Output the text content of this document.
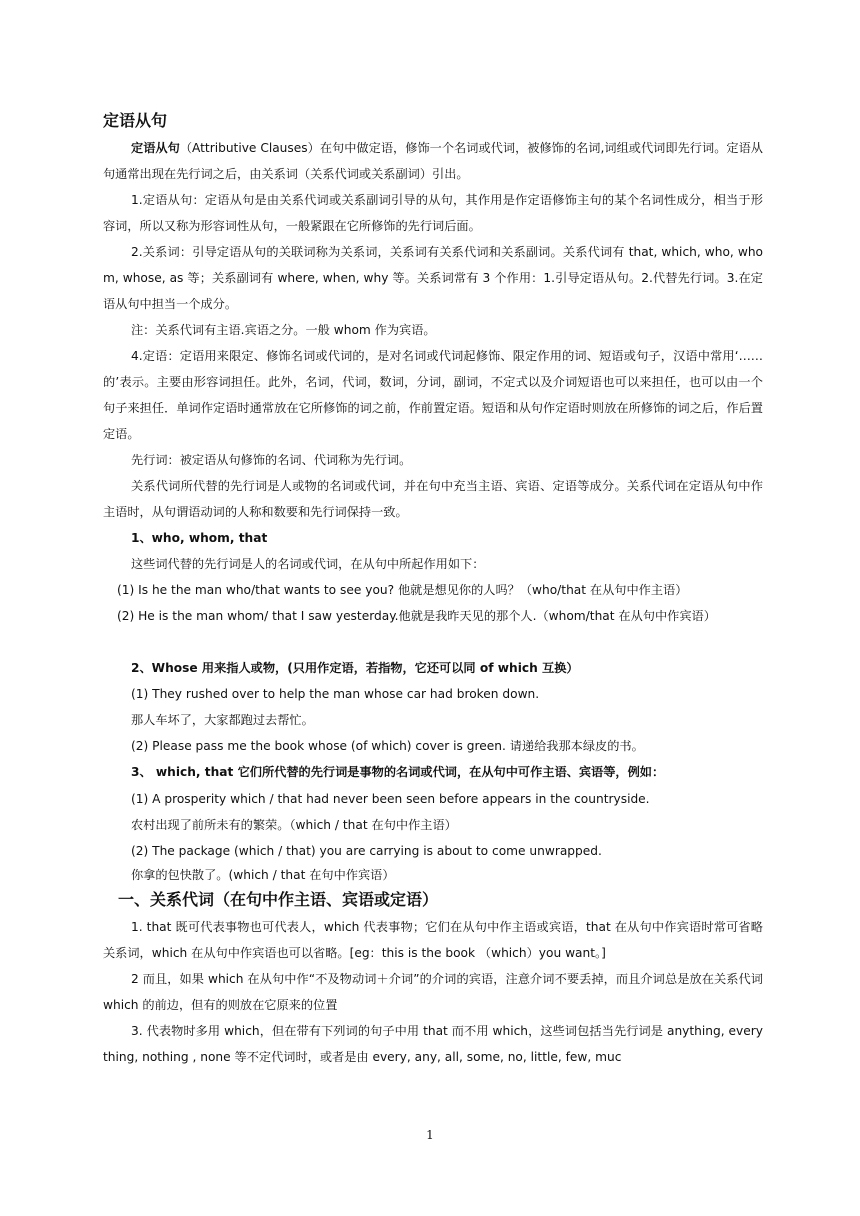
定语从句
定语从句（Attributive Clauses）在句中做定语，修饰一个名词或代词，被修饰的名词,词组或代词即先行词。定语从句通常出现在先行词之后，由关系词（关系代词或关系副词）引出。
1.定语从句：定语从句是由关系代词或关系副词引导的从句，其作用是作定语修饰主句的某个名词性成分，相当于形容词，所以又称为形容词性从句，一般紧跟在它所修饰的先行词后面。
2.关系词：引导定语从句的关联词称为关系词，关系词有关系代词和关系副词。关系代词有 that, which, who, whom, whose, as 等；关系副词有 where, when, why 等。关系词常有 3 个作用：1.引导定语从句。2.代替先行词。3.在定语从句中担当一个成分。
注：关系代词有主语.宾语之分。一般 whom 作为宾语。
4.定语：定语用来限定、修饰名词或代词的，是对名词或代词起修饰、限定作用的词、短语或句子，汉语中常用‘……的’表示。主要由形容词担任。此外，名词，代词，数词，分词，副词，不定式以及介词短语也可以来担任，也可以由一个句子来担任．单词作定语时通常放在它所修饰的词之前，作前置定语。短语和从句作定语时则放在所修饰的词之后，作后置定语。
先行词：被定语从句修饰的名词、代词称为先行词。
关系代词所代替的先行词是人或物的名词或代词，并在句中充当主语、宾语、定语等成分。关系代词在定语从句中作主语时，从句谓语动词的人称和数要和先行词保持一致。
1、who, whom, that
这些词代替的先行词是人的名词或代词，在从句中所起作用如下：
(1) Is he the man who/that wants to see you? 他就是想见你的人吗？（who/that 在从句中作主语）
(2) He is the man whom/ that I saw yesterday.他就是我昨天见的那个人.（whom/that 在从句中作宾语）
2、Whose 用来指人或物，(只用作定语，若指物，它还可以同 of which 互换）
(1) They rushed over to help the man whose car had broken down.
那人车坏了，大家都跑过去帮忙。
(2) Please pass me the book whose (of which) cover is green. 请递给我那本绿皮的书。
3、 which, that 它们所代替的先行词是事物的名词或代词，在从句中可作主语、宾语等，例如：
(1) A prosperity which / that had never been seen before appears in the countryside.
农村出现了前所未有的繁荣。（which / that 在句中作主语）
(2) The package (which / that) you are carrying is about to come unwrapped.
你拿的包快散了。(which / that 在句中作宾语）
一、关系代词（在句中作主语、宾语或定语）
1. that 既可代表事物也可代表人，which 代表事物；它们在从句中作主语或宾语，that 在从句中作宾语时常可省略关系词，which 在从句中作宾语也可以省略。[eg：this is the book （which）you want。]
2 而且，如果 which 在从句中作“不及物动词＋介词”的介词的宾语，注意介词不要丢掉，而且介词总是放在关系代词 which 的前边，但有的则放在它原来的位置
3. 代表物时多用 which，但在带有下列词的句子中用 that 而不用 which，这些词包括当先行词是 anything, everything, nothing , none 等不定代词时，或者是由 every, any, all, some, no, little, few, muc
1
